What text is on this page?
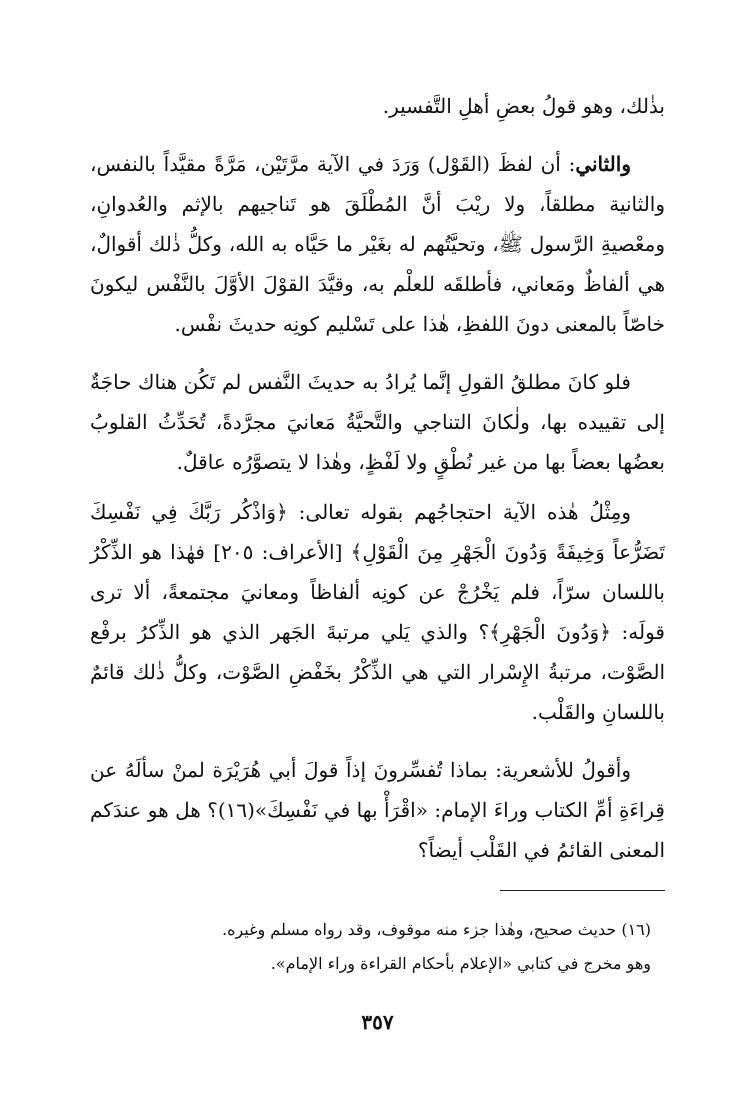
بذٰلك، وهو قولُ بعضِ أهلِ التَّفسير.

والثاني: أن لفظَ (القَوْل) وَرَدَ في الآية مرَّتَيْن، مَرَّةً مقيَّداً بالنفس، والثانية مطلقاً، ولا ريْبَ أنَّ المُطْلَقَ هو تَناجيهم بالإثم والعُدوانِ، ومعْصيةِ الرَّسول ﷺ، وتحيَّتُهم له بغَيْر ما حَيَّاه به الله، وكلُّ ذٰلك أقوالٌ، هي ألفاظٌ ومَعاني، فأطلقَه للعلْم به، وقيَّدَ القوْلَ الأوَّلَ بالنَّفْس ليكونَ خاصّاً بالمعنى دونَ اللفظِ، هٰذا على تَسْليم كونِه حديثَ نفْس.

فلو كانَ مطلقُ القولِ إنَّما يُرادُ به حديثَ النَّفس لم تَكُن هناك حاجَةٌ إلى تقييده بها، ولٰكانَ التناجي والتَّحيَّةُ مَعانيَ مجرَّدةً، تُحَدِّثُ القلوبُ بعضُها بعضاً بها من غير نُطْقٍ ولا لَفْظٍ، وهٰذا لا يتصوَّرُه عاقلٌ.

ومِثْلُ هٰذه الآية احتجاجُهم بقوله تعالى: ﴿وَاذْكُر رَبَّكَ فِي نَفْسِكَ تَضَرُّعاً وَخِيفَةً وَدُونَ الْجَهْرِ مِنَ الْقَوْلِ﴾ [الأعراف: ٢٠٥] فهٰذا هو الذِّكْرُ باللسان سرّاً، فلم يَخْرُجْ عن كونِه ألفاظاً ومعانيَ مجتمعةً، ألا ترى قولَه: ﴿وَدُونَ الْجَهْرِ﴾؟ والذي يَلي مرتبةَ الجَهر الذي هو الذِّكرُ برفْع الصَّوْت، مرتبةُ الإِسْرار التي هي الذِّكْرُ بخَفْضِ الصَّوْت، وكلُّ ذٰلك قائمٌ باللسانِ والقَلْب.

وأقولُ للأشعرية: بماذا تُفسِّرونَ إذاً قولَ أبي هُرَيْرَة لمنْ سألَهُ عن قِراءَةِ أمِّ الكتاب وراءَ الإمام: «اقْرَأْ بها في نَفْسِكَ»(١٦)؟ هل هو عندَكم المعنى القائمُ في القَلْب أيضاً؟

(١٦) حديث صحيح، وهٰذا جزء منه موقوف، وقد رواه مسلم وغيره.

وهو مخرج في كتابي «الإعلام بأحكام القراءة وراء الإمام».

٣٥٧
